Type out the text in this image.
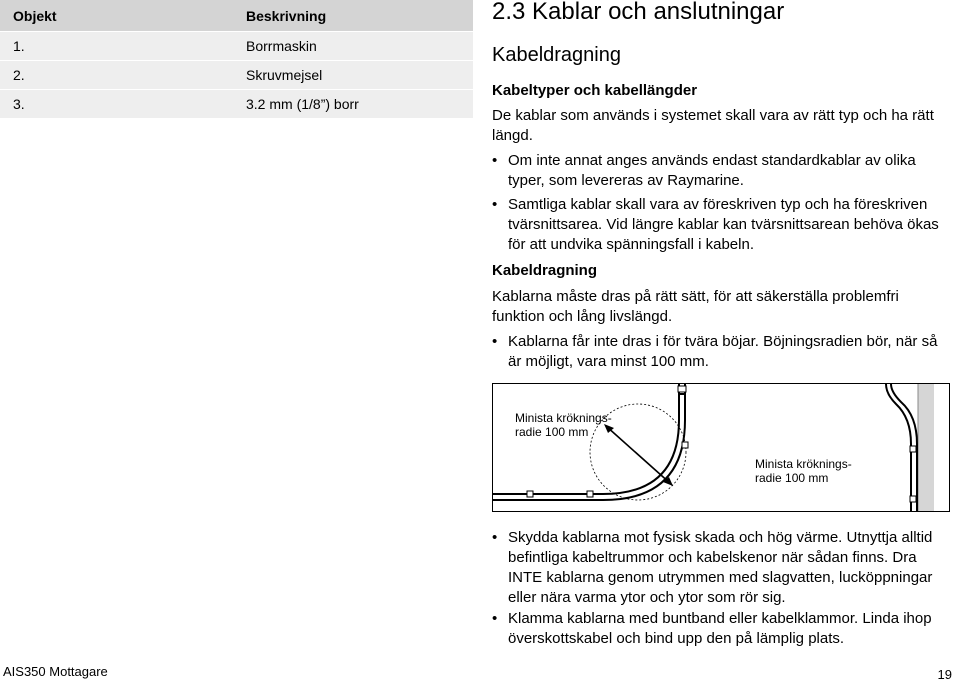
Objekt	Beskrivning
1.	Borrmaskin
2.	Skruvmejsel
3.	3.2 mm (1/8”) borr
2.3 Kablar och anslutningar
Kabeldragning
Kabeltyper och kabellängder
De kablar som används i systemet skall vara av rätt typ och ha rätt längd.
• Om inte annat anges används endast standardkablar av olika typer, som levereras av Raymarine.
• Samtliga kablar skall vara av föreskriven typ och ha föreskriven tvärsnittsarea. Vid längre kablar kan tvärsnittsarean behöva ökas för att undvika spänningsfall i kabeln.
Kabeldragning
Kablarna måste dras på rätt sätt, för att säkerställa problemfri funktion och lång livslängd.
• Kablarna får inte dras i för tvära böjar. Böjningsradien bör, när så är möjligt, vara minst 100 mm.
Minista kröknings-
radie 100 mm
Minista kröknings-
radie 100 mm
• Skydda kablarna mot fysisk skada och hög värme. Utnyttja alltid befintliga kabeltrummor och kabelskenor när sådan finns. Dra INTE kablarna genom utrymmen med slagvatten, lucköppningar eller nära varma ytor och ytor som rör sig.
• Klamma kablarna med buntband eller kabelklammor. Linda ihop överskottskabel och bind upp den på lämplig plats.
AIS350 Mottagare	19
